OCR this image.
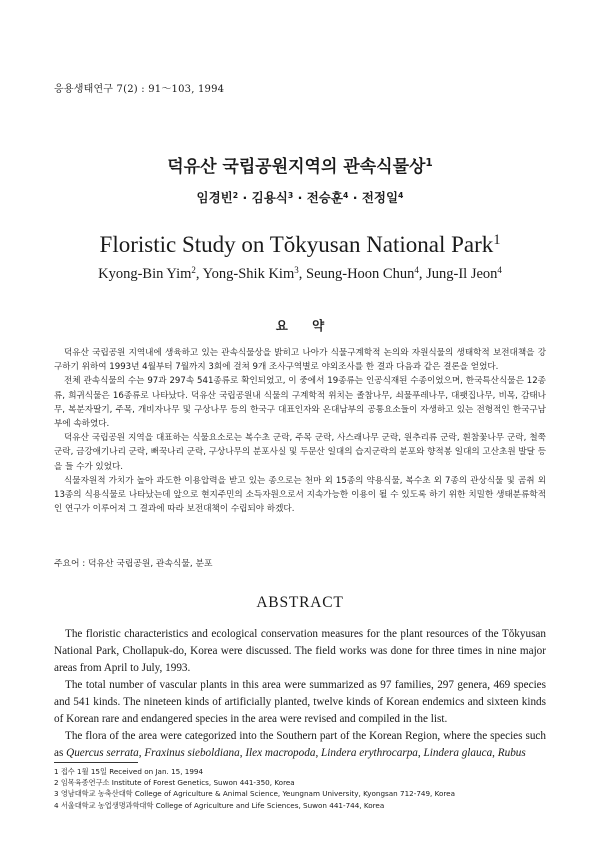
응용생태연구 7(2) : 91～103, 1994
덕유산 국립공원지역의 관속식물상$^1$
임경빈$^2$ · 김용식$^3$ · 전승훈$^4$ · 전정일$^4$
Floristic Study on Tŏkyusan National Park$^1$
Kyong-Bin Yim$^2$, Yong-Shik Kim$^3$, Seung-Hoon Chun$^4$, Jung-Il Jeon$^4$
요 약

덕유산 국립공원 지역내에 생육하고 있는 관속식물상을 밝히고 나아가 식물구계학적 논의와 자원식물의 생태학적 보전대책을 강구하기 위하여 1993년 4월부터 7월까지 3회에 걸쳐 9개 조사구역별로 야외조사를 한 결과 다음과 같은 결론을 얻었다.

전체 관속식물의 수는 97과 297속 541종류로 확인되었고, 이 중에서 19종류는 인공식재된 수종이었으며, 한국특산식물은 12종류, 희귀식물은 16종류로 나타났다. 덕유산 국립공원내 식물의 구계학적 위치는 졸참나무, 쇠물푸레나무, 대팻집나무, 비목, 감태나무, 복분자딸기, 주목, 개비자나무 및 구상나무 등의 한국구 대표인자와 온대남부의 공통요소들이 자생하고 있는 전형적인 한국구남부에 속하였다.

덕유산 국립공원 지역을 대표하는 식물요소로는 복수초 군락, 주목 군락, 사스래나무 군락, 원추리류 군락, 흰참꽃나무 군락, 철쭉 군락, 금강애기나리 군락, 뻐꾹나리 군락, 구상나무의 분포사실 및 두문산 일대의 습지군락의 분포와 향적봉 일대의 고산초원 발달 등을 들 수가 있었다.

식물자원적 가치가 높아 과도한 이용압력을 받고 있는 종으로는 천마 외 15종의 약용식물, 복수초 외 7종의 관상식물 및 곰취 외 13종의 식용식물로 나타났는데 앞으로 현지주민의 소득자원으로서 지속가능한 이용이 될 수 있도록 하기 위한 치밀한 생태분류학적인 연구가 이루어져 그 결과에 따라 보전대책이 수립되야 하겠다.

주요어 : 덕유산 국립공원, 관속식물, 분포
ABSTRACT

The floristic characteristics and ecological conservation measures for the plant resources of the Tŏkyusan National Park, Chollapuk-do, Korea were discussed. The field works was done for three times in nine major areas from April to July, 1993.

The total number of vascular plants in this area were summarized as 97 families, 297 genera, 469 species and 541 kinds. The nineteen kinds of artificially planted, twelve kinds of Korean endemics and sixteen kinds of Korean rare and endangered species in the area were revised and compiled in the list.

The flora of the area were categorized into the Southern part of the Korean Region, where the species such as Quercus serrata, Fraxinus sieboldiana, Ilex macropoda, Lindera erythrocarpa, Lindera glauca, Rubus

1 접수 1월 15일 Received on Jan. 15, 1994
2 임목육종연구소 Institute of Forest Genetics, Suwon 441-350, Korea
3 영남대학교 농축산대학 College of Agriculture & Animal Science, Yeungnam University, Kyongsan 712-749, Korea
4 서울대학교 농업생명과학대학 College of Agriculture and Life Sciences, Suwon 441-744, Korea
